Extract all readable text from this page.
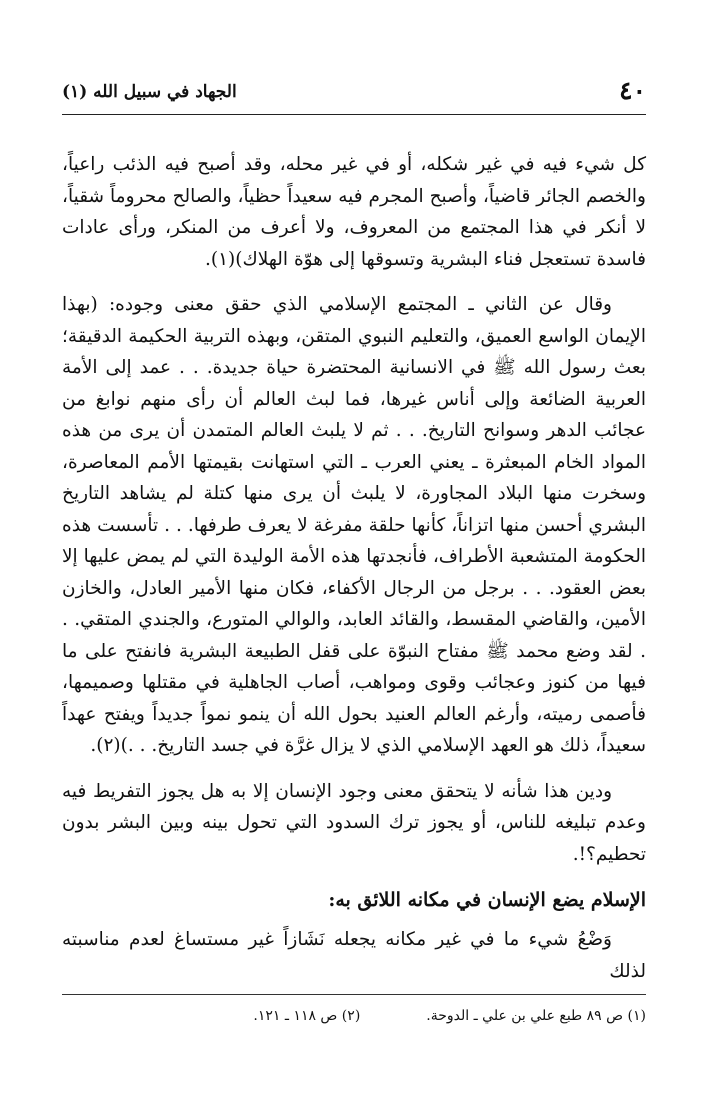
٤٠
الجهاد في سبيل الله (١)

كل شيء فيه في غير شكله، أو في غير محله، وقد أصبح فيه الذئب راعياً، والخصم الجائر قاضياً، وأصبح المجرم فيه سعيداً حظياً، والصالح محروماً شقياً، لا أنكر في هذا المجتمع من المعروف، ولا أعرف من المنكر، ورأى عادات فاسدة تستعجل فناء البشرية وتسوقها إلى هوّة الهلاك)(١).

وقال عن الثاني ـ المجتمع الإسلامي الذي حقق معنى وجوده: (بهذا الإيمان الواسع العميق، والتعليم النبوي المتقن، وبهذه التربية الحكيمة الدقيقة؛ بعث رسول الله ﷺ في الانسانية المحتضرة حياة جديدة. . . عمد إلى الأمة العربية الضائعة وإلى أناس غيرها، فما لبث العالم أن رأى منهم نوابغ من عجائب الدهر وسوانح التاريخ. . . ثم لا يلبث العالم المتمدن أن يرى من هذه المواد الخام المبعثرة ـ يعني العرب ـ التي استهانت بقيمتها الأمم المعاصرة، وسخرت منها البلاد المجاورة، لا يلبث أن يرى منها كتلة لم يشاهد التاريخ البشري أحسن منها اتزاناً، كأنها حلقة مفرغة لا يعرف طرفها. . . تأسست هذه الحكومة المتشعبة الأطراف، فأنجدتها هذه الأمة الوليدة التي لم يمض عليها إلا بعض العقود. . . برجل من الرجال الأكفاء، فكان منها الأمير العادل، والخازن الأمين، والقاضي المقسط، والقائد العابد، والوالي المتورع، والجندي المتقي. . . لقد وضع محمد ﷺ مفتاح النبوّة على قفل الطبيعة البشرية فانفتح على ما فيها من كنوز وعجائب وقوى ومواهب، أصاب الجاهلية في مقتلها وصميمها، فأصمى رميته، وأرغم العالم العنيد بحول الله أن ينمو نمواً جديداً ويفتح عهداً سعيداً، ذلك هو العهد الإسلامي الذي لا يزال غرَّة في جسد التاريخ. . .)(٢).

ودين هذا شأنه لا يتحقق معنى وجود الإنسان إلا به هل يجوز التفريط فيه وعدم تبليغه للناس، أو يجوز ترك السدود التي تحول بينه وبين البشر بدون تحطيم؟!.

الإسلام يضع الإنسان في مكانه اللائق به:

وَضْعُ شيء ما في غير مكانه يجعله نَشَازاً غير مستساغ لعدم مناسبته لذلك

(١) ص ٨٩ طبع علي بن علي ـ الدوحة.
(٢) ص ١١٨ ـ ١٢١.
